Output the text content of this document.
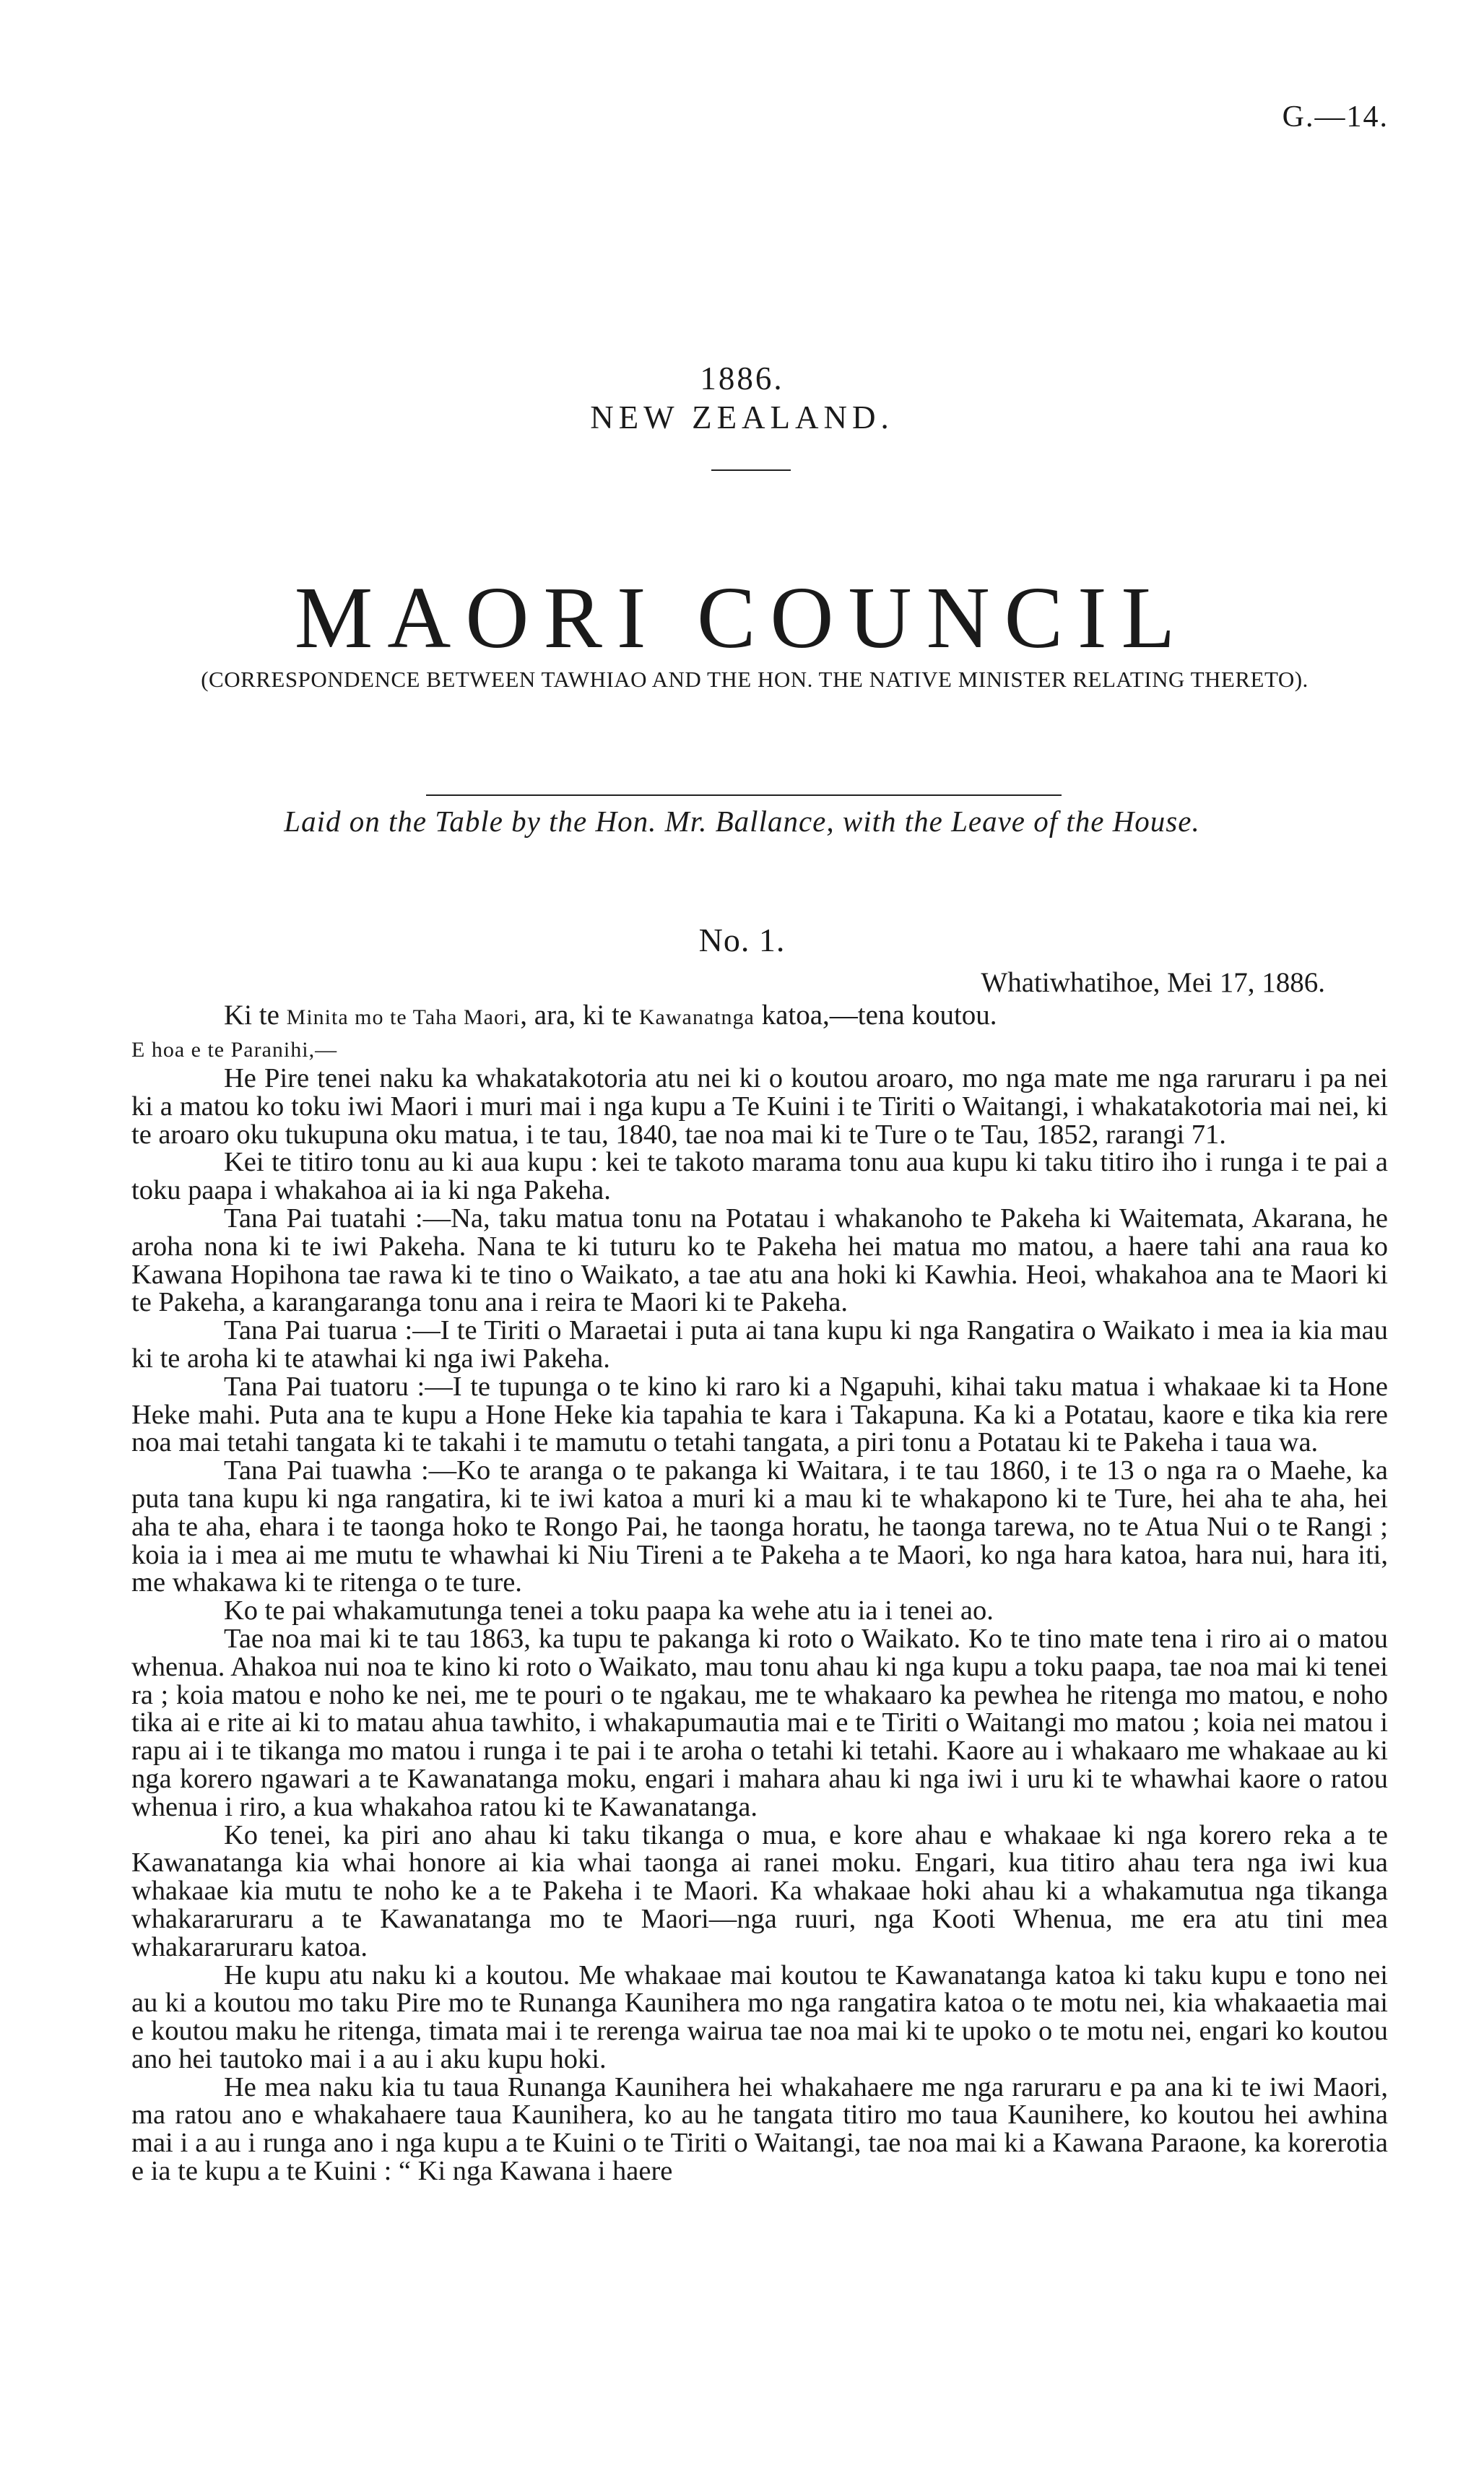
G.—14.
1886.
NEW ZEALAND.
MAORI COUNCIL
(CORRESPONDENCE BETWEEN TAWHIAO AND THE HON. THE NATIVE MINISTER RELATING THERETO).
Laid on the Table by the Hon. Mr. Ballance, with the Leave of the House.
No. 1.
Whatiwhatihoe, Mei 17, 1886.
Ki te Minita mo te Taha Maori, ara, ki te Kawanatnga katoa,—tena koutou.
E hoa e te Paranihi,—

He Pire tenei naku ka whakatakotoria atu nei ki o koutou aroaro, mo nga mate me nga raruraru i pa nei ki a matou ko toku iwi Maori i muri mai i nga kupu a Te Kuini i te Tiriti o Waitangi, i whakatakotoria mai nei, ki te aroaro oku tukupuna oku matua, i te tau, 1840, tae noa mai ki te Ture o te Tau, 1852, rarangi 71.

Kei te titiro tonu au ki aua kupu : kei te takoto marama tonu aua kupu ki taku titiro iho i runga i te pai a toku paapa i whakahoa ai ia ki nga Pakeha.

Tana Pai tuatahi :—Na, taku matua tonu na Potatau i whakanoho te Pakeha ki Waitemata, Akarana, he aroha nona ki te iwi Pakeha. Nana te ki tuturu ko te Pakeha hei matua mo matou, a haere tahi ana raua ko Kawana Hopihona tae rawa ki te tino o Waikato, a tae atu ana hoki ki Kawhia. Heoi, whakahoa ana te Maori ki te Pakeha, a karangaranga tonu ana i reira te Maori ki te Pakeha.

Tana Pai tuarua :—I te Tiriti o Maraetai i puta ai tana kupu ki nga Rangatira o Waikato i mea ia kia mau ki te aroha ki te atawhai ki nga iwi Pakeha.

Tana Pai tuatoru :—I te tupunga o te kino ki raro ki a Ngapuhi, kihai taku matua i whakaae ki ta Hone Heke mahi. Puta ana te kupu a Hone Heke kia tapahia te kara i Takapuna. Ka ki a Potatau, kaore e tika kia rere noa mai tetahi tangata ki te takahi i te mamutu o tetahi tangata, a piri tonu a Potatau ki te Pakeha i taua wa.

Tana Pai tuawha :—Ko te aranga o te pakanga ki Waitara, i te tau 1860, i te 13 o nga ra o Maehe, ka puta tana kupu ki nga rangatira, ki te iwi katoa a muri ki a mau ki te whakapono ki te Ture, hei aha te aha, hei aha te aha, ehara i te taonga hoko te Rongo Pai, he taonga horatu, he taonga tarewa, no te Atua Nui o te Rangi ; koia ia i mea ai me mutu te whawhai ki Niu Tireni a te Pakeha a te Maori, ko nga hara katoa, hara nui, hara iti, me whakawa ki te ritenga o te ture.

Ko te pai whakamutunga tenei a toku paapa ka wehe atu ia i tenei ao.

Tae noa mai ki te tau 1863, ka tupu te pakanga ki roto o Waikato. Ko te tino mate tena i riro ai o matou whenua. Ahakoa nui noa te kino ki roto o Waikato, mau tonu ahau ki nga kupu a toku paapa, tae noa mai ki tenei ra ; koia matou e noho ke nei, me te pouri o te ngakau, me te whakaaro ka pewhea he ritenga mo matou, e noho tika ai e rite ai ki to matau ahua tawhito, i whakapumautia mai e te Tiriti o Waitangi mo matou ; koia nei matou i rapu ai i te tikanga mo matou i runga i te pai i te aroha o tetahi ki tetahi. Kaore au i whakaaro me whakaae au ki nga korero ngawari a te Kawanatanga moku, engari i mahara ahau ki nga iwi i uru ki te whawhai kaore o ratou whenua i riro, a kua whakahoa ratou ki te Kawanatanga.

Ko tenei, ka piri ano ahau ki taku tikanga o mua, e kore ahau e whakaae ki nga korero reka a te Kawanatanga kia whai honore ai kia whai taonga ai ranei moku. Engari, kua titiro ahau tera nga iwi kua whakaae kia mutu te noho ke a te Pakeha i te Maori. Ka whakaae hoki ahau ki a whakamutua nga tikanga whakararuraru a te Kawanatanga mo te Maori—nga ruuri, nga Kooti Whenua, me era atu tini mea whakararuraru katoa.

He kupu atu naku ki a koutou. Me whakaae mai koutou te Kawanatanga katoa ki taku kupu e tono nei au ki a koutou mo taku Pire mo te Runanga Kaunihera mo nga rangatira katoa o te motu nei, kia whakaaetia mai e koutou maku he ritenga, timata mai i te rerenga wairua tae noa mai ki te upoko o te motu nei, engari ko koutou ano hei tautoko mai i a au i aku kupu hoki.

He mea naku kia tu taua Runanga Kaunihera hei whakahaere me nga raruraru e pa ana ki te iwi Maori, ma ratou ano e whakahaere taua Kaunihera, ko au he tangata titiro mo taua Kaunihere, ko koutou hei awhina mai i a au i runga ano i nga kupu a te Kuini o te Tiriti o Waitangi, tae noa mai ki a Kawana Paraone, ka korerotia e ia te kupu a te Kuini : “ Ki nga Kawana i haere
